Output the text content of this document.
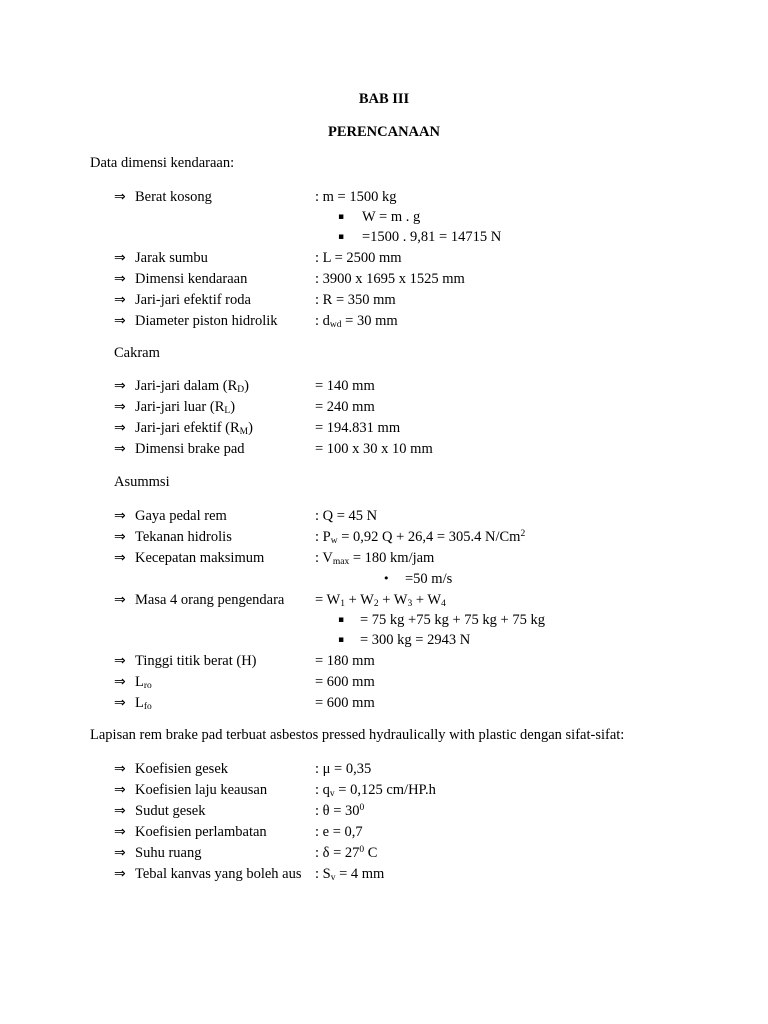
BAB III
PERENCANAAN
Data dimensi kendaraan:
⇒ Berat kosong	: m = 1500 kg
▪ W = m . g
▪ =1500 . 9,81 = 14715 N
⇒ Jarak sumbu	: L = 2500 mm
⇒ Dimensi kendaraan	: 3900 x 1695 x 1525 mm
⇒ Jari-jari efektif roda	: R = 350 mm
⇒ Diameter piston hidrolik	: $d_{wd} = 30$ mm
Cakram
⇒ Jari-jari dalam $(R_D)$	= 140 mm
⇒ Jari-jari luar $(R_L)$	= 240 mm
⇒ Jari-jari efektif $(R_M)$	= 194.831 mm
⇒ Dimensi brake pad	= 100 x 30 x 10 mm
Asummsi
⇒ Gaya pedal rem	: Q = 45 N
⇒ Tekanan hidrolis	: $P_w = 0,92$ Q + 26,4 = 305.4 N/Cm$^2$
⇒ Kecepatan maksimum	: $V_{max} = 180$ km/jam
• =50 m/s
⇒ Masa 4 orang pengendara = $W_1 + W_2 + W_3 + W_4$
▪ = 75 kg +75 kg + 75 kg + 75 kg
▪ = 300 kg = 2943 N
⇒ Tinggi titik berat (H)	= 180 mm
⇒ $L_{ro}$	= 600 mm
⇒ $L_{fo}$	= 600 mm
Lapisan rem brake pad terbuat asbestos pressed hydraulically with plastic dengan sifat-sifat:
⇒ Koefisien gesek	: μ = 0,35
⇒ Koefisien laju keausan	: $q_v = 0,125$ cm/HP.h
⇒ Sudut gesek	: $\theta = 30^0$
⇒ Koefisien perlambatan	: e = 0,7
⇒ Suhu ruang	: $\delta = 27^0$ C
⇒ Tebal kanvas yang boleh aus : $S_v = 4$ mm
